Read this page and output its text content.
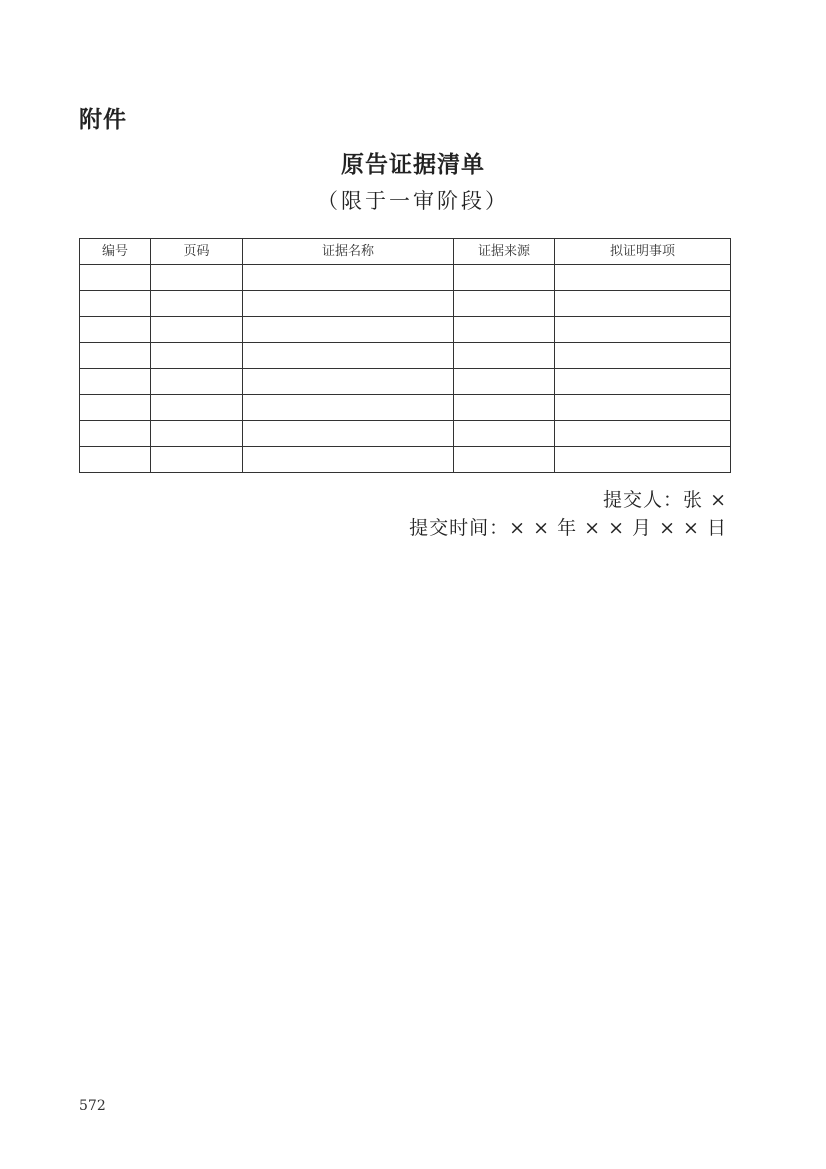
附件
原告证据清单
（限于一审阶段）
编号	页码	证据名称	证据来源	拟证明事项

提交人：张 ×
提交时间：× × 年 × × 月 × × 日
572
